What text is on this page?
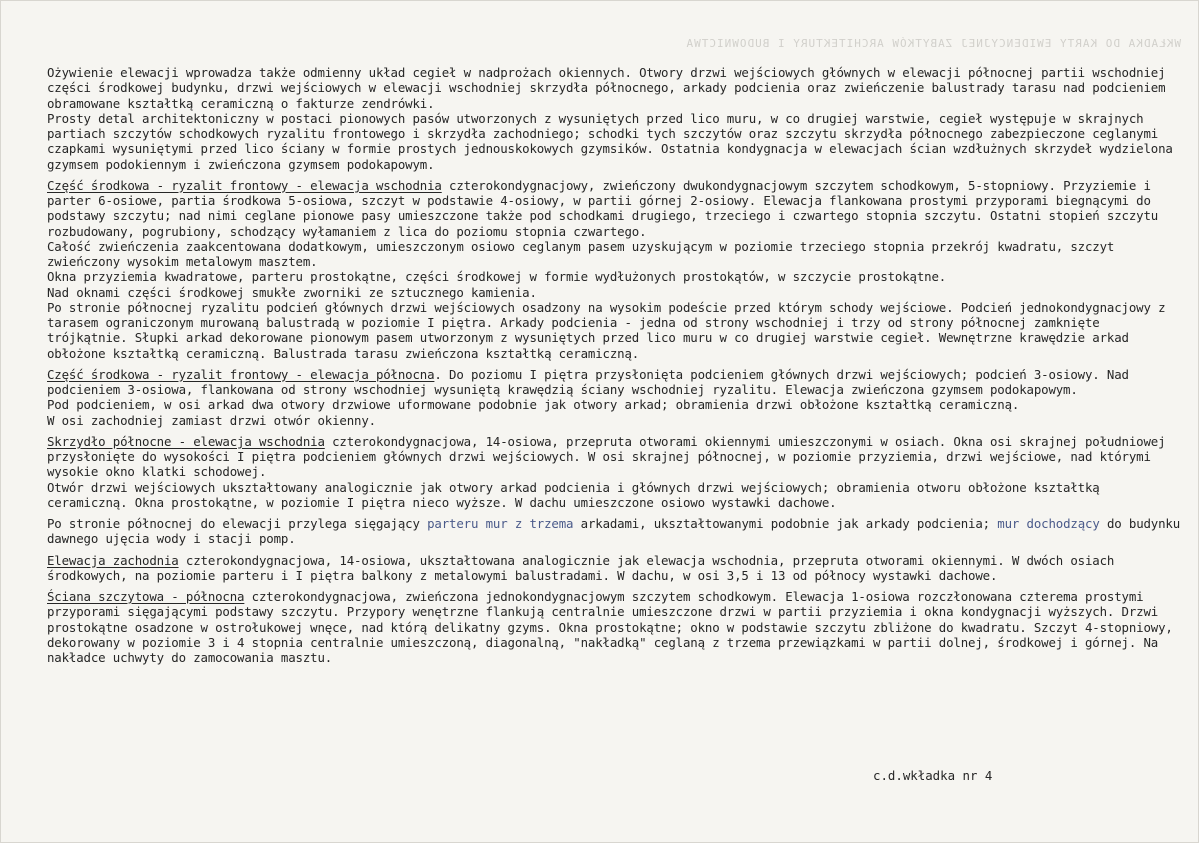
WKŁADKA DO KARTY EWIDENCYJNEJ ZABYTKÓW ARCHITEKTURY I BUDOWNICTWA

Ożywienie elewacji wprowadza także odmienny układ cegieł w nadprożach okiennych. Otwory drzwi wejściowych głównych w elewacji północnej partii wschodniej części środkowej budynku, drzwi wejściowych w elewacji wschodniej skrzydła północnego, arkady podcienia oraz zwieńczenie balustrady tarasu nad podcieniem obramowane kształtką ceramiczną o fakturze zendrówki.

Prosty detal architektoniczny w postaci pionowych pasów utworzonych z wysuniętych przed lico muru, w co drugiej warstwie, cegieł występuje w skrajnych partiach szczytów schodkowych ryzalitu frontowego i skrzydła zachodniego; schodki tych szczytów oraz szczytu skrzydła północnego zabezpieczone ceglanymi czapkami wysuniętymi przed lico ściany w formie prostych jednouskokowych gzymsików. Ostatnia kondygnacja w elewacjach ścian wzdłużnych skrzydeł wydzielona gzymsem podokiennym i zwieńczona gzymsem podokapowym.

Część środkowa - ryzalit frontowy - elewacja wschodnia czterokondygnacjowy, zwieńczony dwukondygnacjowym szczytem schodkowym, 5-stopniowy. Przyziemie i parter 6-osiowe, partia środkowa 5-osiowa, szczyt w podstawie 4-osiowy, w partii górnej 2-osiowy. Elewacja flankowana prostymi przyporami biegnącymi do podstawy szczytu; nad nimi ceglane pionowe pasy umieszczone także pod schodkami drugiego, trzeciego i czwartego stopnia szczytu. Ostatni stopień szczytu rozbudowany, pogrubiony, schodzący wyłamaniem z lica do poziomu stopnia czwartego.

Całość zwieńczenia zaakcentowana dodatkowym, umieszczonym osiowo ceglanym pasem uzyskującym w poziomie trzeciego stopnia przekrój kwadratu, szczyt zwieńczony wysokim metalowym masztem.

Okna przyziemia kwadratowe, parteru prostokątne, części środkowej w formie wydłużonych prostokątów, w szczycie prostokątne.

Nad oknami części środkowej smukłe zworniki ze sztucznego kamienia.

Po stronie północnej ryzalitu podcień głównych drzwi wejściowych osadzony na wysokim podeście przed którym schody wejściowe. Podcień jednokondygnacjowy z tarasem ograniczonym murowaną balustradą w poziomie I piętra. Arkady podcienia - jedna od strony wschodniej i trzy od strony północnej zamknięte trójkątnie. Słupki arkad dekorowane pionowym pasem utworzonym z wysuniętych przed lico muru w co drugiej warstwie cegieł. Wewnętrzne krawędzie arkad obłożone kształtką ceramiczną. Balustrada tarasu zwieńczona kształtką ceramiczną.

Część środkowa - ryzalit frontowy - elewacja północna. Do poziomu I piętra przysłonięta podcieniem głównych drzwi wejściowych; podcień 3-osiowy. Nad podcieniem 3-osiowa, flankowana od strony wschodniej wysuniętą krawędzią ściany wschodniej ryzalitu. Elewacja zwieńczona gzymsem podokapowym.

Pod podcieniem, w osi arkad dwa otwory drzwiowe uformowane podobnie jak otwory arkad; obramienia drzwi obłożone kształtką ceramiczną.

W osi zachodniej zamiast drzwi otwór okienny.

Skrzydło północne - elewacja wschodnia czterokondygnacjowa, 14-osiowa, przepruta otworami okiennymi umieszczonymi w osiach. Okna osi skrajnej południowej przysłonięte do wysokości I piętra podcieniem głównych drzwi wejściowych. W osi skrajnej północnej, w poziomie przyziemia, drzwi wejściowe, nad którymi wysokie okno klatki schodowej.

Otwór drzwi wejściowych ukształtowany analogicznie jak otwory arkad podcienia i głównych drzwi wejściowych; obramienia otworu obłożone kształtką ceramiczną. Okna prostokątne, w poziomie I piętra nieco wyższe. W dachu umieszczone osiowo wystawki dachowe.

Po stronie północnej do elewacji przylega sięgający parteru mur z trzema arkadami, ukształtowanymi podobnie jak arkady podcienia; mur dochodzący do budynku dawnego ujęcia wody i stacji pomp.

Elewacja zachodnia czterokondygnacjowa, 14-osiowa, ukształtowana analogicznie jak elewacja wschodnia, przepruta otworami okiennymi. W dwóch osiach środkowych, na poziomie parteru i I piętra balkony z metalowymi balustradami. W dachu, w osi 3,5 i 13 od północy wystawki dachowe.

Ściana szczytowa - północna czterokondygnacjowa, zwieńczona jednokondygnacjowym szczytem schodkowym. Elewacja 1-osiowa rozczłonowana czterema prostymi przyporami sięgającymi podstawy szczytu. Przypory wenętrzne flankują centralnie umieszczone drzwi w partii przyziemia i okna kondygnacji wyższych. Drzwi prostokątne osadzone w ostrołukowej wnęce, nad którą delikatny gzyms. Okna prostokątne; okno w podstawie szczytu zbliżone do kwadratu. Szczyt 4-stopniowy, dekorowany w poziomie 3 i 4 stopnia centralnie umieszczoną, diagonalną, "nakładką" ceglaną z trzema przewiązkami w partii dolnej, środkowej i górnej. Na nakładce uchwyty do zamocowania masztu.

c.d.wkładka nr 4
